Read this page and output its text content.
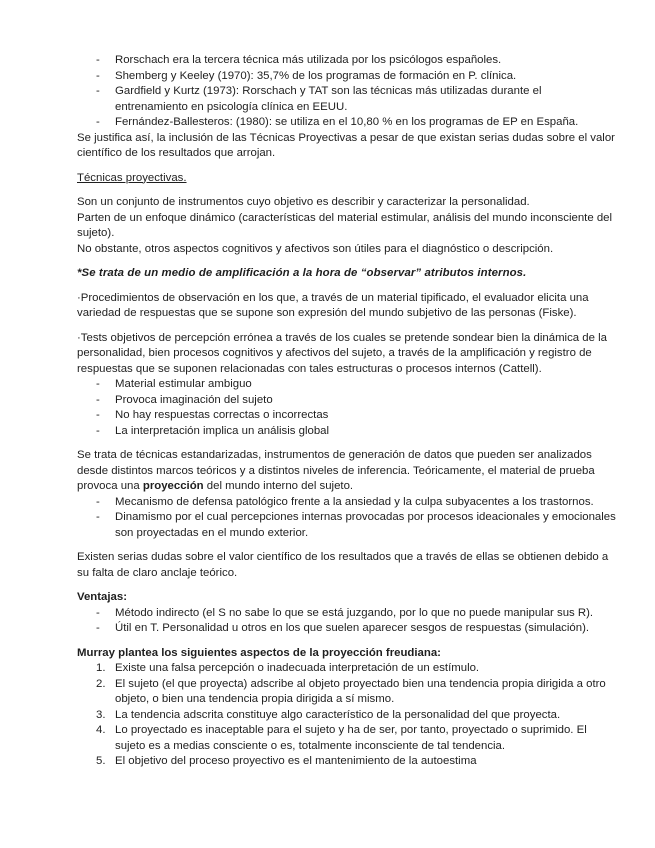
- Rorschach era la tercera técnica más utilizada por los psicólogos españoles.
- Shemberg y Keeley (1970): 35,7% de los programas de formación en P. clínica.
- Gardfield y Kurtz (1973): Rorschach y TAT son las técnicas más utilizadas durante el entrenamiento en psicología clínica en EEUU.
- Fernández-Ballesteros: (1980): se utiliza en el 10,80 % en los programas de EP en España.

Se justifica así, la inclusión de las Técnicas Proyectivas a pesar de que existan serias dudas sobre el valor científico de los resultados que arrojan.

Técnicas proyectivas.

Son un conjunto de instrumentos cuyo objetivo es describir y caracterizar la personalidad.

Parten de un enfoque dinámico (características del material estimular, análisis del mundo inconsciente del sujeto).

No obstante, otros aspectos cognitivos y afectivos son útiles para el diagnóstico o descripción.

*Se trata de un medio de amplificación a la hora de “observar” atributos internos.

·Procedimientos de observación en los que, a través de un material tipificado, el evaluador elicita una variedad de respuestas que se supone son expresión del mundo subjetivo de las personas (Fiske).

·Tests objetivos de percepción errónea a través de los cuales se pretende sondear bien la dinámica de la personalidad, bien procesos cognitivos y afectivos del sujeto, a través de la amplificación y registro de respuestas que se suponen relacionadas con tales estructuras o procesos internos (Cattell).

- Material estimular ambiguo
- Provoca imaginación del sujeto
- No hay respuestas correctas o incorrectas
- La interpretación implica un análisis global

Se trata de técnicas estandarizadas, instrumentos de generación de datos que pueden ser analizados desde distintos marcos teóricos y a distintos niveles de inferencia. Teóricamente, el material de prueba provoca una proyección del mundo interno del sujeto.

- Mecanismo de defensa patológico frente a la ansiedad y la culpa subyacentes a los trastornos.
- Dinamismo por el cual percepciones internas provocadas por procesos ideacionales y emocionales son proyectadas en el mundo exterior.

Existen serias dudas sobre el valor científico de los resultados que a través de ellas se obtienen debido a su falta de claro anclaje teórico.

Ventajas:

- Método indirecto (el S no sabe lo que se está juzgando, por lo que no puede manipular sus R).
- Útil en T. Personalidad u otros en los que suelen aparecer sesgos de respuestas (simulación).

Murray plantea los siguientes aspectos de la proyección freudiana:

1. Existe una falsa percepción o inadecuada interpretación de un estímulo.
2. El sujeto (el que proyecta) adscribe al objeto proyectado bien una tendencia propia dirigida a otro objeto, o bien una tendencia propia dirigida a sí mismo.
3. La tendencia adscrita constituye algo característico de la personalidad del que proyecta.
4. Lo proyectado es inaceptable para el sujeto y ha de ser, por tanto, proyectado o suprimido. El sujeto es a medias consciente o es, totalmente inconsciente de tal tendencia.
5. El objetivo del proceso proyectivo es el mantenimiento de la autoestima
